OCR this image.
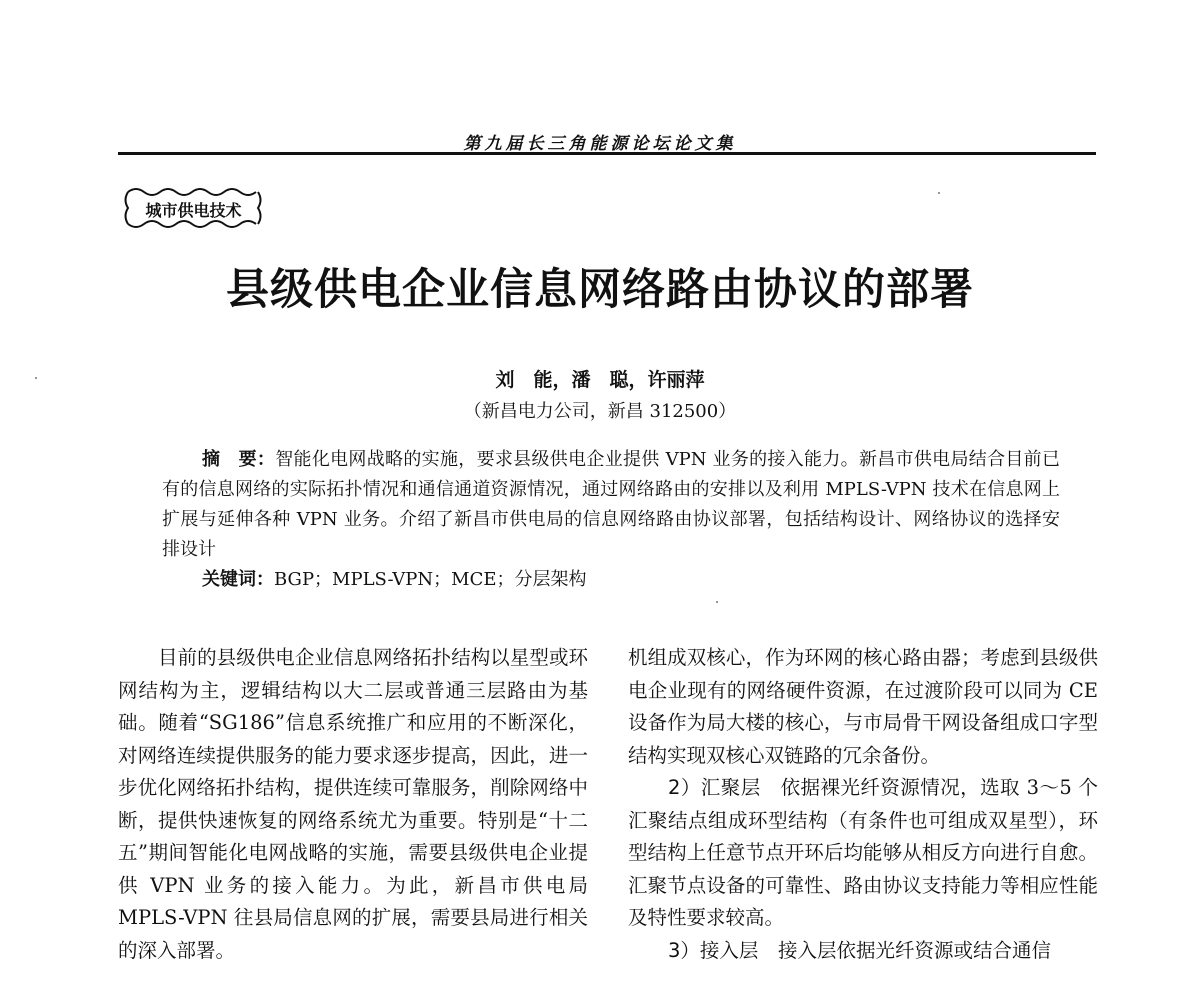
第九届长三角能源论坛论文集
城市供电技术
县级供电企业信息网络路由协议的部署
刘　能，潘　聪，许丽萍
（新昌电力公司，新昌 312500）

摘　要：智能化电网战略的实施，要求县级供电企业提供 VPN 业务的接入能力。新昌市供电局结合目前已有的信息网络的实际拓扑情况和通信通道资源情况，通过网络路由的安排以及利用 MPLS-VPN 技术在信息网上扩展与延伸各种 VPN 业务。介绍了新昌市供电局的信息网络路由协议部署，包括结构设计、网络协议的选择安排设计

关键词：BGP；MPLS-VPN；MCE；分层架构

目前的县级供电企业信息网络拓扑结构以星型或环网结构为主，逻辑结构以大二层或普通三层路由为基础。随着“SG186”信息系统推广和应用的不断深化，对网络连续提供服务的能力要求逐步提高，因此，进一步优化网络拓扑结构，提供连续可靠服务，削除网络中断，提供快速恢复的网络系统尤为重要。特别是“十二五”期间智能化电网战略的实施，需要县级供电企业提供 VPN 业务的接入能力。为此，新昌市供电局 MPLS-VPN 往县局信息网的扩展，需要县局进行相关的深入部署。

机组成双核心，作为环网的核心路由器；考虑到县级供电企业现有的网络硬件资源，在过渡阶段可以同为 CE 设备作为局大楼的核心，与市局骨干网设备组成口字型结构实现双核心双链路的冗余备份。

2）汇聚层　 依据裸光纤资源情况，选取 3～5 个汇聚结点组成环型结构（有条件也可组成双星型），环型结构上任意节点开环后均能够从相反方向进行自愈。汇聚节点设备的可靠性、路由协议支持能力等相应性能及特性要求较高。

3）接入层　 接入层依据光纤资源或结合通信
